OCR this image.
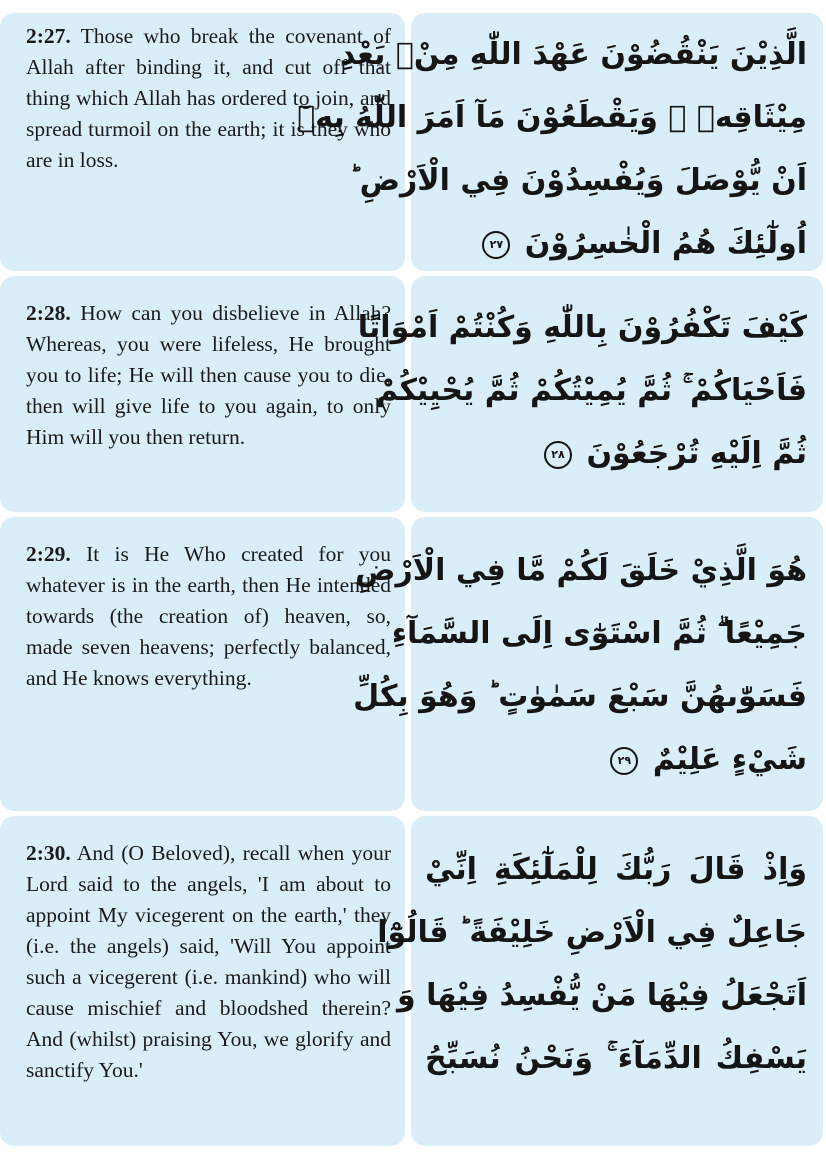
2:27. Those who break the covenant of Allah after binding it, and cut off that thing which Allah has ordered to join, and spread turmoil on the earth; it is they who are in loss.

الَّذِيْنَ يَنْقُضُوْنَ عَهْدَ اللّٰهِ مِنْۢ بَعْدِ
مِيْثَاقِهٖ ۠ وَيَقْطَعُوْنَ مَآ اَمَرَ اللّٰهُ بِهٖٓ
اَنْ يُّوْصَلَ وَيُفْسِدُوْنَ فِي الْاَرْضِ ؕ
اُولٰٓئِكَ هُمُ الْخٰسِرُوْنَ ٢٧

2:28. How can you disbelieve in Allah? Whereas, you were lifeless, He brought you to life; He will then cause you to die, then will give life to you again, to only Him will you then return.

كَيْفَ تَكْفُرُوْنَ بِاللّٰهِ وَكُنْتُمْ اَمْوَاتًا
فَاَحْيَاكُمْ ۚ ثُمَّ يُمِيْتُكُمْ ثُمَّ يُحْيِيْكُمْ
ثُمَّ اِلَيْهِ تُرْجَعُوْنَ ٢٨

2:29. It is He Who created for you whatever is in the earth, then He intended towards (the creation of) heaven, so, made seven heavens; perfectly balanced, and He knows everything.

هُوَ الَّذِيْ خَلَقَ لَكُمْ مَّا فِي الْاَرْضِ
جَمِيْعًا ۗ ثُمَّ اسْتَوٰٓى اِلَى السَّمَآءِ
فَسَوّٰىهُنَّ سَبْعَ سَمٰوٰتٍ ؕ وَهُوَ بِكُلِّ
شَيْءٍ عَلِيْمٌ ٢٩

2:30. And (O Beloved), recall when your Lord said to the angels, 'I am about to appoint My vicegerent on the earth,' they (i.e. the angels) said, 'Will You appoint such a vicegerent (i.e. mankind) who will cause mischief and bloodshed therein? And (whilst) praising You, we glorify and sanctify You.'

وَاِذْ قَالَ رَبُّكَ لِلْمَلٰٓئِكَةِ اِنِّيْ
جَاعِلٌ فِي الْاَرْضِ خَلِيْفَةً ؕ قَالُوْٓا
اَتَجْعَلُ فِيْهَا مَنْ يُّفْسِدُ فِيْهَا وَ
يَسْفِكُ الدِّمَآءَ ۚ وَنَحْنُ نُسَبِّحُ
